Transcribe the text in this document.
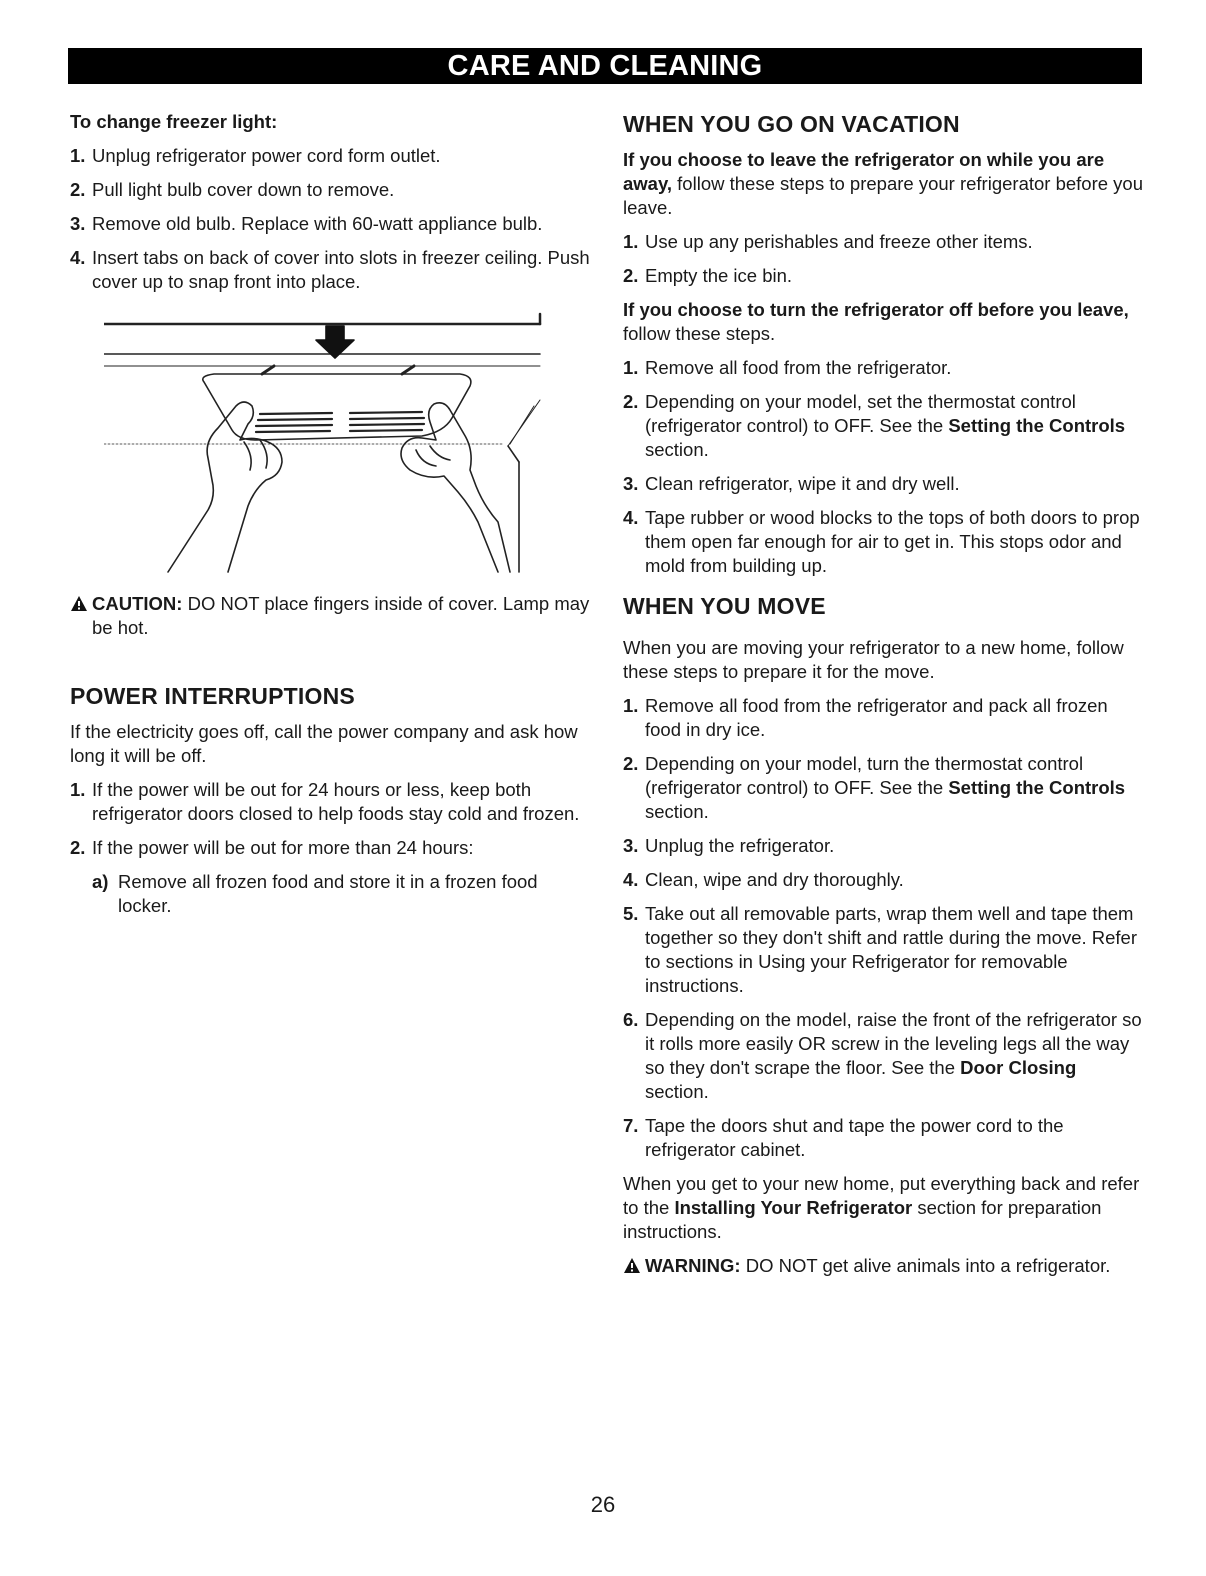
CARE AND CLEANING
To change freezer light:
1. Unplug refrigerator power cord form outlet.
2. Pull light bulb cover down to remove.
3. Remove old bulb. Replace with 60-watt appliance bulb.
4. Insert tabs on back of cover into slots in freezer ceiling. Push cover up to snap front into place.
CAUTION: DO NOT place fingers inside of cover. Lamp may be hot.
POWER INTERRUPTIONS

If the electricity goes off, call the power company and ask how long it will be off.

1. If the power will be out for 24 hours or less, keep both refrigerator doors closed to help foods stay cold and frozen.
2. If the power will be out for more than 24 hours:
a) Remove all frozen food and store it in a frozen food locker.
WHEN YOU GO ON VACATION

If you choose to leave the refrigerator on while you are away, follow these steps to prepare your refrigerator before you leave.

1. Use up any perishables and freeze other items.
2. Empty the ice bin.

If you choose to turn the refrigerator off before you leave, follow these steps.

1. Remove all food from the refrigerator.
2. Depending on your model, set the thermostat control (refrigerator control) to OFF. See the Setting the Controls section.
3. Clean refrigerator, wipe it and dry well.
4. Tape rubber or wood blocks to the tops of both doors to prop them open far enough for air to get in. This stops odor and mold from building up.
WHEN YOU MOVE

When you are moving your refrigerator to a new home, follow these steps to prepare it for the move.

1. Remove all food from the refrigerator and pack all frozen food in dry ice.
2. Depending on your model, turn the thermostat control (refrigerator control) to OFF. See the Setting the Controls section.
3. Unplug the refrigerator.
4. Clean, wipe and dry thoroughly.
5. Take out all removable parts, wrap them well and tape them together so they don't shift and rattle during the move. Refer to sections in Using your Refrigerator for removable instructions.
6. Depending on the model, raise the front of the refrigerator so it rolls more easily OR screw in the leveling legs all the way so they don't scrape the floor. See the Door Closing section.
7. Tape the doors shut and tape the power cord to the refrigerator cabinet.

When you get to your new home, put everything back and refer to the Installing Your Refrigerator section for preparation instructions.

WARNING: DO NOT get alive animals into a refrigerator.
26
